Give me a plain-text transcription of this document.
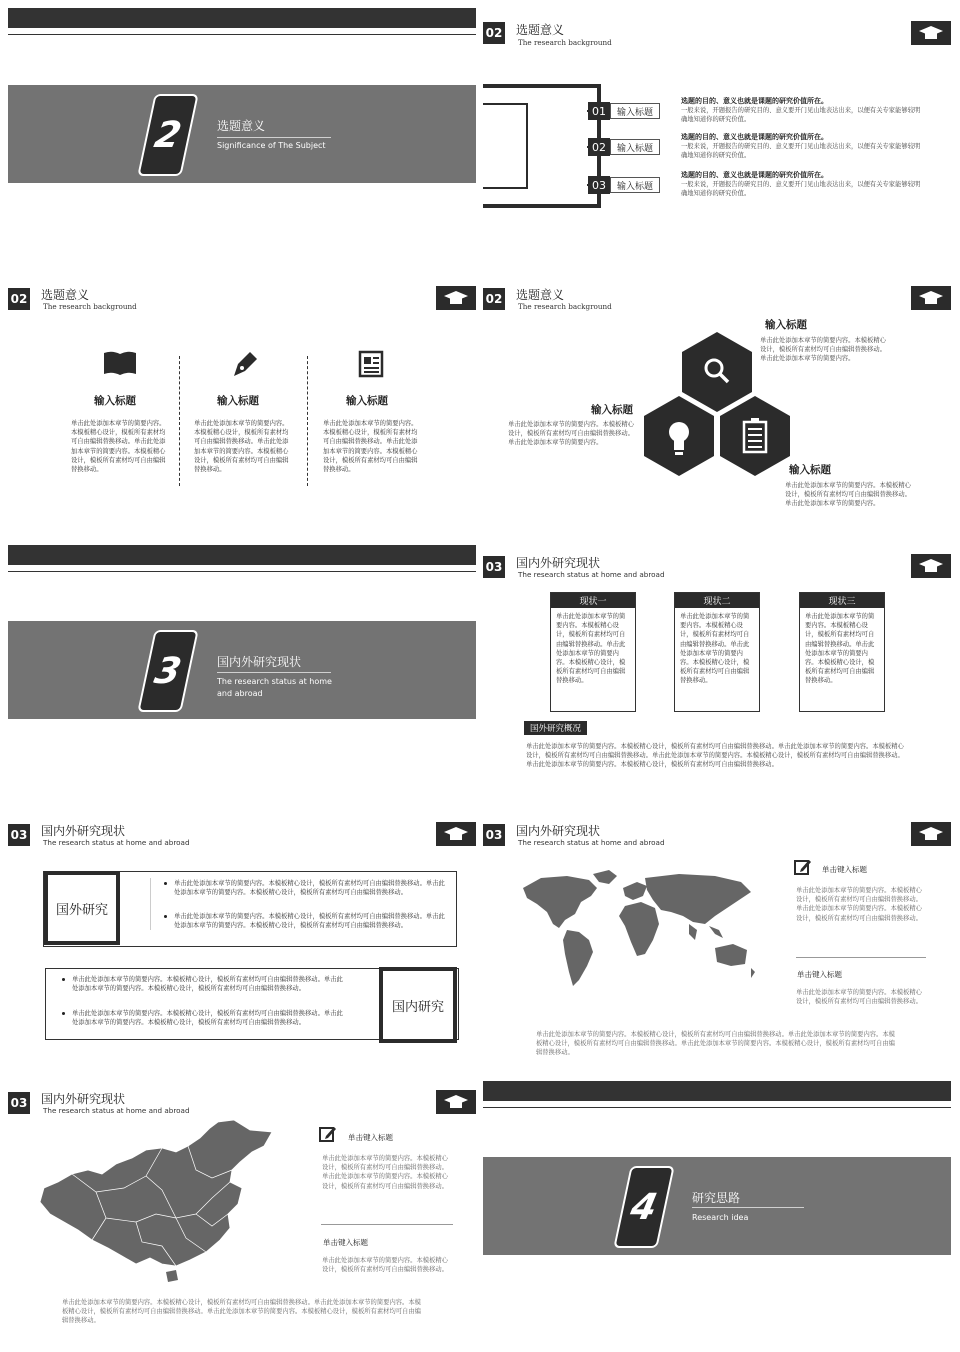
2	选题意义
Significance of The Subject
02 选题意义
The research background
01	输入标题
选题的目的、意义也就是课题的研究价值所在。
一般来说，开题报告的研究目的、意义要开门见山地表达出来，以便有关专家能够较明确地知道你的研究价值。
02	输入标题
选题的目的、意义也就是课题的研究价值所在。
一般来说，开题报告的研究目的、意义要开门见山地表达出来，以便有关专家能够较明确地知道你的研究价值。
03	输入标题
选题的目的、意义也就是课题的研究价值所在。
一般来说，开题报告的研究目的、意义要开门见山地表达出来，以便有关专家能够较明确地知道你的研究价值。
02 选题意义
The research background
输入标题	输入标题	输入标题
单击此处添加本章节的简要内容。本模板精心设计，模板所有素材均可自由编辑替换移动。单击此处添加本章节的简要内容。本模板精心设计，模板所有素材均可自由编辑替换移动。
单击此处添加本章节的简要内容。本模板精心设计，模板所有素材均可自由编辑替换移动。单击此处添加本章节的简要内容。本模板精心设计，模板所有素材均可自由编辑替换移动。
单击此处添加本章节的简要内容。本模板精心设计，模板所有素材均可自由编辑替换移动。单击此处添加本章节的简要内容。本模板精心设计，模板所有素材均可自由编辑替换移动。
02 选题意义
The research background
输入标题
单击此处添加本章节的简要内容。本模板精心设计，模板所有素材均可自由编辑替换移动。单击此处添加本章节的简要内容。
输入标题
单击此处添加本章节的简要内容。本模板精心设计，模板所有素材均可自由编辑替换移动。单击此处添加本章节的简要内容。
输入标题
单击此处添加本章节的简要内容。本模板精心设计，模板所有素材均可自由编辑替换移动。单击此处添加本章节的简要内容。
3	国内外研究现状
The research status at home
and abroad
03 国内外研究现状
The research status at home and abroad
现状一
单击此处添加本章节的简要内容。本模板精心设计，模板所有素材均可自由编辑替换移动。单击此处添加本章节的简要内容。本模板精心设计，模板所有素材均可自由编辑替换移动。
现状二
单击此处添加本章节的简要内容。本模板精心设计，模板所有素材均可自由编辑替换移动。单击此处添加本章节的简要内容。本模板精心设计，模板所有素材均可自由编辑替换移动。
现状三
单击此处添加本章节的简要内容。本模板精心设计，模板所有素材均可自由编辑替换移动。单击此处添加本章节的简要内容。本模板精心设计，模板所有素材均可自由编辑替换移动。
国外研究概况
单击此处添加本章节的简要内容。本模板精心设计，模板所有素材均可自由编辑替换移动。单击此处添加本章节的简要内容。本模板精心设计，模板所有素材均可自由编辑替换移动。单击此处添加本章节的简要内容。本模板精心设计，模板所有素材均可自由编辑替换移动。单击此处添加本章节的简要内容。本模板精心设计，模板所有素材均可自由编辑替换移动。
03 国内外研究现状
The research status at home and abroad
国外研究
单击此处添加本章节的简要内容。本模板精心设计，模板所有素材均可自由编辑替换移动。单击此处添加本章节的简要内容。本模板精心设计，模板所有素材均可自由编辑替换移动。
单击此处添加本章节的简要内容。本模板精心设计，模板所有素材均可自由编辑替换移动。单击此处添加本章节的简要内容。本模板精心设计，模板所有素材均可自由编辑替换移动。
国内研究
单击此处添加本章节的简要内容。本模板精心设计，模板所有素材均可自由编辑替换移动。单击此处添加本章节的简要内容。本模板精心设计，模板所有素材均可自由编辑替换移动。
单击此处添加本章节的简要内容。本模板精心设计，模板所有素材均可自由编辑替换移动。单击此处添加本章节的简要内容。本模板精心设计，模板所有素材均可自由编辑替换移动。
03 国内外研究现状
The research status at home and abroad
单击键入标题
单击此处添加本章节的简要内容。本模板精心设计，模板所有素材均可自由编辑替换移动。单击此处添加本章节的简要内容。本模板精心设计，模板所有素材均可自由编辑替换移动。
单击键入标题
单击此处添加本章节的简要内容。本模板精心设计，模板所有素材均可自由编辑替换移动。
单击此处添加本章节的简要内容。本模板精心设计，模板所有素材均可自由编辑替换移动。单击此处添加本章节的简要内容。本模板精心设计，模板所有素材均可自由编辑替换移动。单击此处添加本章节的简要内容。本模板精心设计，模板所有素材均可自由编辑替换移动。
03 国内外研究现状
The research status at home and abroad
单击键入标题
单击此处添加本章节的简要内容。本模板精心设计，模板所有素材均可自由编辑替换移动。单击此处添加本章节的简要内容。本模板精心设计，模板所有素材均可自由编辑替换移动。
单击键入标题
单击此处添加本章节的简要内容。本模板精心设计，模板所有素材均可自由编辑替换移动。
单击此处添加本章节的简要内容。本模板精心设计，模板所有素材均可自由编辑替换移动。单击此处添加本章节的简要内容。本模板精心设计，模板所有素材均可自由编辑替换移动。单击此处添加本章节的简要内容。本模板精心设计，模板所有素材均可自由编辑替换移动。
4	研究思路
Research idea
